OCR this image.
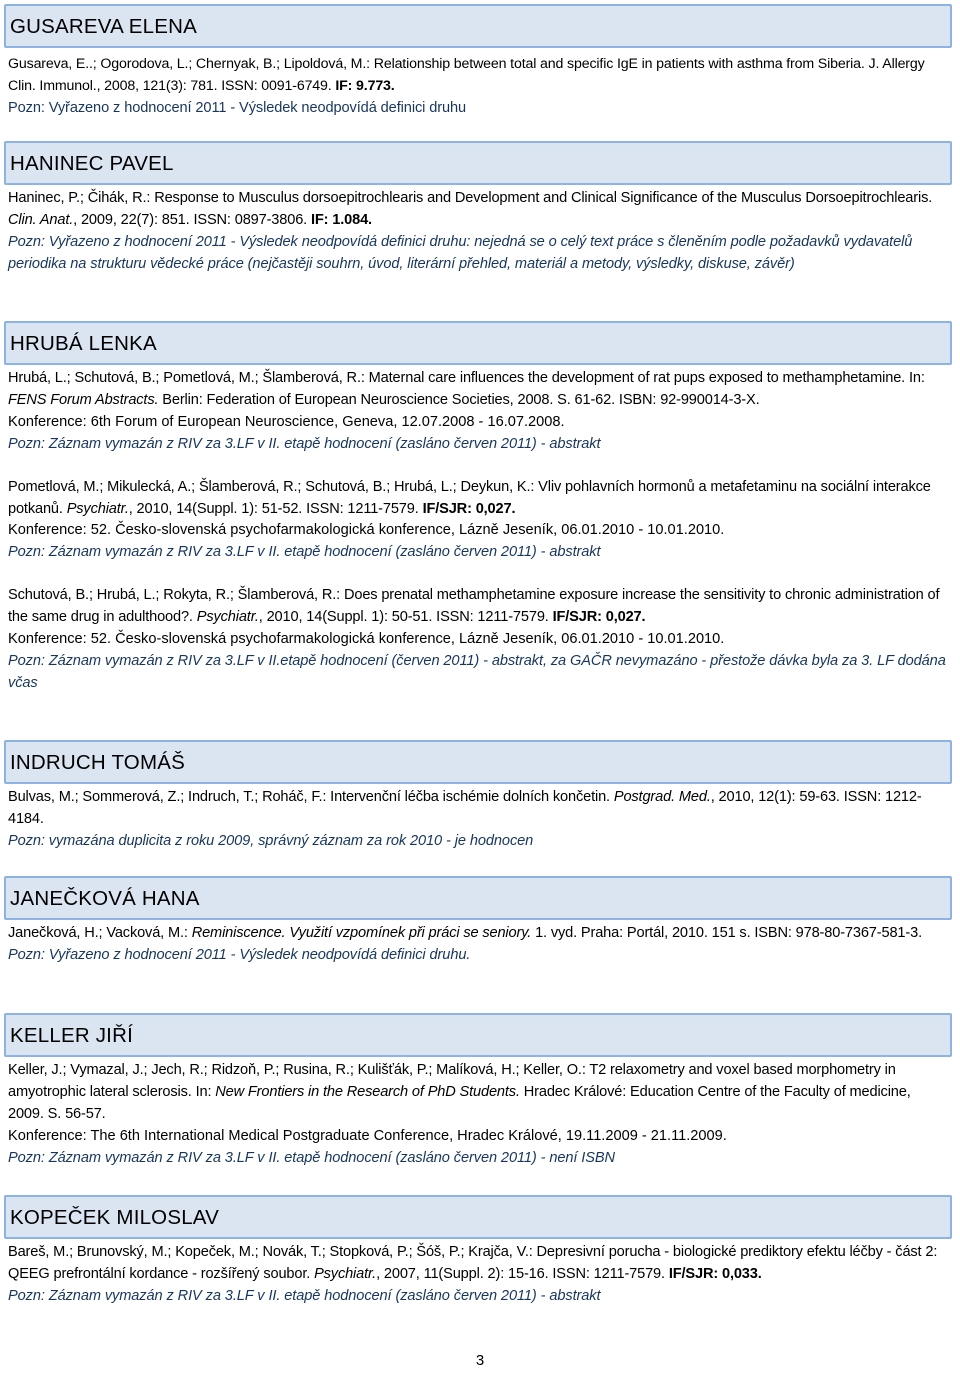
GUSAREVA ELENA

Gusareva, E..; Ogorodova, L.; Chernyak, B.; Lipoldová, M.: Relationship between total and specific IgE in patients with asthma from Siberia. J. Allergy Clin. Immunol., 2008, 121(3): 781. ISSN: 0091-6749. IF: 9.773.

Pozn: Vyřazeno z hodnocení 2011 - Výsledek neodpovídá definici druhu

HANINEC PAVEL

Haninec, P.; Čihák, R.: Response to Musculus dorsoepitrochlearis and Development and Clinical Significance of the Musculus Dorsoepitrochlearis. Clin. Anat., 2009, 22(7): 851. ISSN: 0897-3806. IF: 1.084.

Pozn: Vyřazeno z hodnocení 2011 - Výsledek neodpovídá definici druhu: nejedná se o celý text práce s členěním podle požadavků vydavatelů periodika na strukturu vědecké práce (nejčastěji souhrn, úvod, literární přehled, materiál a metody, výsledky, diskuse, závěr)

HRUBÁ LENKA

Hrubá, L.; Schutová, B.; Pometlová, M.; Šlamberová, R.: Maternal care influences the development of rat pups exposed to methamphetamine. In: FENS Forum Abstracts. Berlin: Federation of European Neuroscience Societies, 2008. S. 61-62. ISBN: 92-990014-3-X.

Konference: 6th Forum of European Neuroscience, Geneva, 12.07.2008 - 16.07.2008.

Pozn: Záznam vymazán z RIV za 3.LF v II. etapě hodnocení (zasláno červen 2011) - abstrakt

Pometlová, M.; Mikulecká, A.; Šlamberová, R.; Schutová, B.; Hrubá, L.; Deykun, K.: Vliv pohlavních hormonů a metafetaminu na sociální interakce potkanů. Psychiatr., 2010, 14(Suppl. 1): 51-52. ISSN: 1211-7579. IF/SJR: 0,027.

Konference: 52. Česko-slovenská psychofarmakologická konference, Lázně Jeseník, 06.01.2010 - 10.01.2010.

Pozn: Záznam vymazán z RIV za 3.LF v II. etapě hodnocení (zasláno červen 2011) - abstrakt

Schutová, B.; Hrubá, L.; Rokyta, R.; Šlamberová, R.: Does prenatal methamphetamine exposure increase the sensitivity to chronic administration of the same drug in adulthood?. Psychiatr., 2010, 14(Suppl. 1): 50-51. ISSN: 1211-7579. IF/SJR: 0,027.

Konference: 52. Česko-slovenská psychofarmakologická konference, Lázně Jeseník, 06.01.2010 - 10.01.2010.

Pozn: Záznam vymazán z RIV za 3.LF v II.etapě hodnocení (červen 2011) - abstrakt, za GAČR nevymazáno - přestože dávka byla za 3. LF dodána včas

INDRUCH TOMÁŠ

Bulvas, M.; Sommerová, Z.; Indruch, T.; Roháč, F.: Intervenční léčba ischémie dolních končetin. Postgrad. Med., 2010, 12(1): 59-63. ISSN: 1212-4184.

Pozn: vymazána duplicita z roku 2009, správný záznam za rok 2010 - je hodnocen

JANEČKOVÁ HANA

Janečková, H.; Vacková, M.: Reminiscence. Využití vzpomínek při práci se seniory. 1. vyd. Praha: Portál, 2010. 151 s. ISBN: 978-80-7367-581-3.

Pozn: Vyřazeno z hodnocení 2011 - Výsledek neodpovídá definici druhu.

KELLER JIŘÍ

Keller, J.; Vymazal, J.; Jech, R.; Ridzoň, P.; Rusina, R.; Kulišťák, P.; Malíková, H.; Keller, O.: T2 relaxometry and voxel based morphometry in amyotrophic lateral sclerosis. In: New Frontiers in the Research of PhD Students. Hradec Králové: Education Centre of the Faculty of medicine, 2009. S. 56-57.

Konference: The 6th International Medical Postgraduate Conference, Hradec Králové, 19.11.2009 - 21.11.2009.

Pozn: Záznam vymazán z RIV za 3.LF v II. etapě hodnocení (zasláno červen 2011) - není ISBN

KOPEČEK MILOSLAV

Bareš, M.; Brunovský, M.; Kopeček, M.; Novák, T.; Stopková, P.; Šóš, P.; Krajča, V.: Depresivní porucha - biologické prediktory efektu léčby - část 2: QEEG prefrontální kordance - rozšířený soubor. Psychiatr., 2007, 11(Suppl. 2): 15-16. ISSN: 1211-7579. IF/SJR: 0,033.

Pozn: Záznam vymazán z RIV za 3.LF v II. etapě hodnocení (zasláno červen 2011) - abstrakt

3
